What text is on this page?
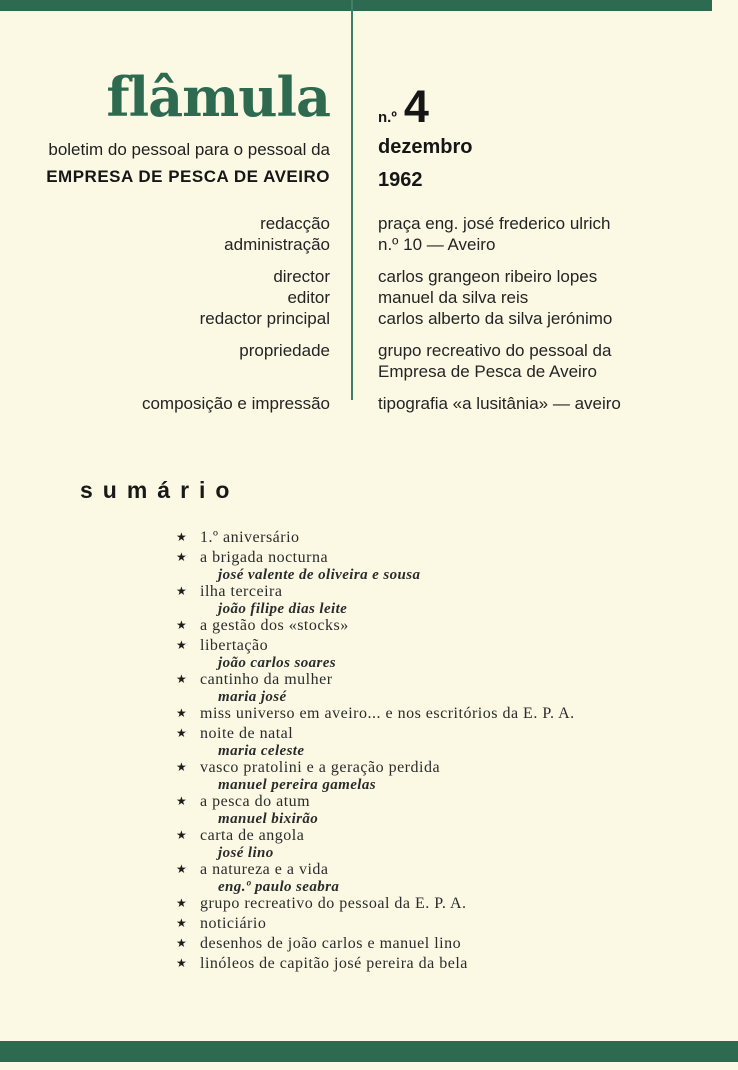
flâmula
boletim do pessoal para o pessoal da
EMPRESA DE PESCA DE AVEIRO
n.º 4
dezembro
1962
redacção
administração
praça eng. josé frederico ulrich
n.º 10 — Aveiro
director
editor
redactor principal
carlos grangeon ribeiro lopes
manuel da silva reis
carlos alberto da silva jerónimo
propriedade	grupo recreativo do pessoal da
Empresa de Pesca de Aveiro
composição e impressão	tipografia «a lusitânia» — aveiro
sumário
★ 1.º aniversário
★ a brigada nocturna
josé valente de oliveira e sousa
★ ilha terceira
joão filipe dias leite
★ a gestão dos «stocks»
★ libertação
joão carlos soares
★ cantinho da mulher
maria josé
★ miss universo em aveiro... e nos escritórios da E. P. A.
★ noite de natal
maria celeste
★ vasco pratolini e a geração perdida
manuel pereira gamelas
★ a pesca do atum
manuel bixirão
★ carta de angola
josé lino
★ a natureza e a vida
eng.º paulo seabra
★ grupo recreativo do pessoal da E. P. A.
★ noticiário
★ desenhos de joão carlos e manuel lino
★ linóleos de capitão josé pereira da bela
